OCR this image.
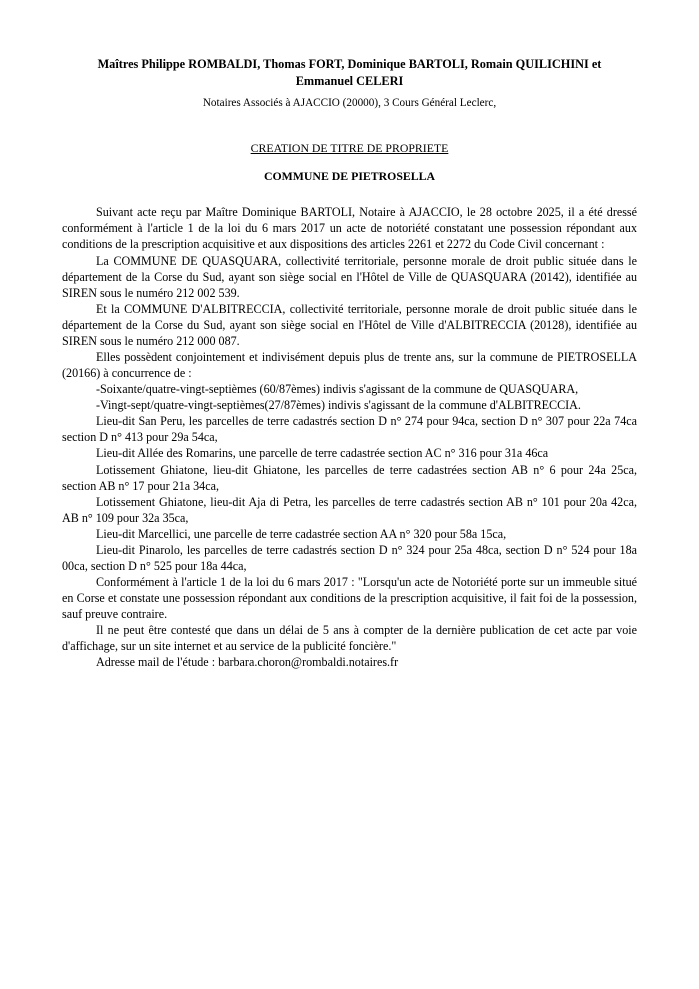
Maîtres Philippe ROMBALDI, Thomas FORT, Dominique BARTOLI, Romain QUILICHINI et Emmanuel CELERI
Notaires Associés à AJACCIO (20000), 3 Cours Général Leclerc,
CREATION DE TITRE DE PROPRIETE
COMMUNE DE PIETROSELLA

Suivant acte reçu par Maître Dominique BARTOLI, Notaire à AJACCIO, le 28 octobre 2025, il a été dressé conformément à l'article 1 de la loi du 6 mars 2017 un acte de notoriété constatant une possession répondant aux conditions de la prescription acquisitive et aux dispositions des articles 2261 et 2272 du Code Civil concernant :

La COMMUNE DE QUASQUARA, collectivité territoriale, personne morale de droit public située dans le département de la Corse du Sud, ayant son siège social en l'Hôtel de Ville de QUASQUARA (20142), identifiée au SIREN sous le numéro 212 002 539.

Et la COMMUNE D'ALBITRECCIA, collectivité territoriale, personne morale de droit public située dans le département de la Corse du Sud, ayant son siège social en l'Hôtel de Ville d'ALBITRECCIA (20128), identifiée au SIREN sous le numéro 212 000 087.

Elles possèdent conjointement et indivisément depuis plus de trente ans, sur la commune de PIETROSELLA (20166) à concurrence de :

-Soixante/quatre-vingt-septièmes (60/87èmes) indivis s'agissant de la commune de QUASQUARA,

-Vingt-sept/quatre-vingt-septièmes(27/87èmes) indivis s'agissant de la commune d'ALBITRECCIA.

Lieu-dit San Peru, les parcelles de terre cadastrés section D n° 274 pour 94ca, section D n° 307 pour 22a 74ca section D n° 413 pour 29a 54ca,

Lieu-dit Allée des Romarins, une parcelle de terre cadastrée section AC n° 316 pour 31a 46ca

Lotissement Ghiatone, lieu-dit Ghiatone, les parcelles de terre cadastrées section AB n° 6 pour 24a 25ca, section AB n° 17 pour 21a 34ca,

Lotissement Ghiatone, lieu-dit Aja di Petra, les parcelles de terre cadastrés section AB n° 101 pour 20a 42ca, AB n° 109 pour 32a 35ca,

Lieu-dit Marcellici, une parcelle de terre cadastrée section AA n° 320 pour 58a 15ca,

Lieu-dit Pinarolo, les parcelles de terre cadastrés section D n° 324 pour 25a 48ca, section D n° 524 pour 18a 00ca, section D n° 525 pour 18a 44ca,

Conformément à l'article 1 de la loi du 6 mars 2017 : "Lorsqu'un acte de Notoriété porte sur un immeuble situé en Corse et constate une possession répondant aux conditions de la prescription acquisitive, il fait foi de la possession, sauf preuve contraire.

Il ne peut être contesté que dans un délai de 5 ans à compter de la dernière publication de cet acte par voie d'affichage, sur un site internet et au service de la publicité foncière."

Adresse mail de l'étude : barbara.choron@rombaldi.notaires.fr
